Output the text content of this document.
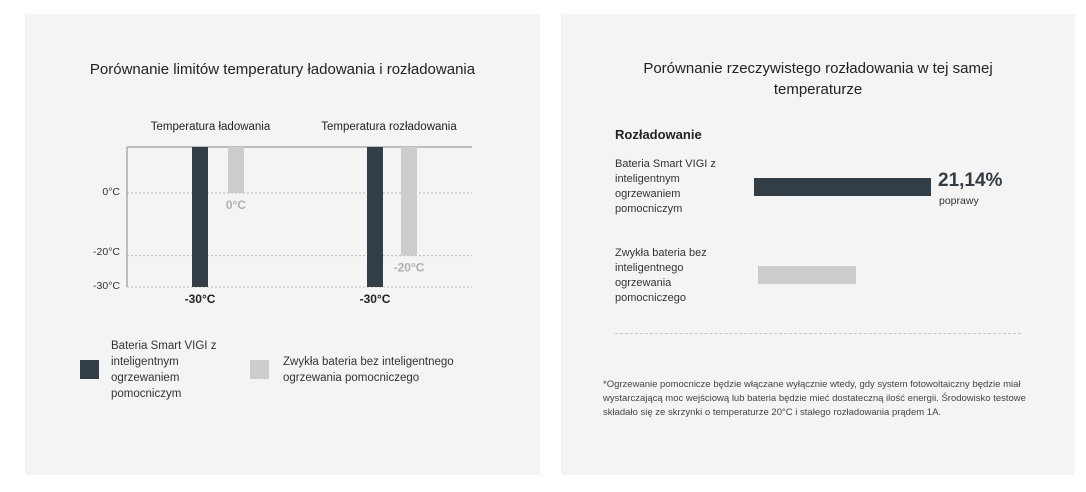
Porównanie limitów temperatury ładowania i rozładowania
Temperatura ładowania	Temperatura rozładowania
0°C
-20°C
-30°C
-30°C	-30°C
0°C
-20°C
Bateria Smart VIGI z inteligentnym ogrzewaniem pomocniczym
Zwykła bateria bez inteligentnego ogrzewania pomocniczego
Porównanie rzeczywistego rozładowania w tej samej temperaturze
Rozładowanie
Bateria Smart VIGI z inteligentnym ogrzewaniem pomocniczym
21,14%
poprawy
Zwykła bateria bez inteligentnego ogrzewania pomocniczego
*Ogrzewanie pomocnicze będzie włączane wyłącznie wtedy, gdy system fotowoltaiczny będzie miał wystarczającą moc wejściową lub bateria będzie mieć dostateczną ilość energii. Środowisko testowe składało się ze skrzynki o temperaturze 20°C i stałego rozładowania prądem 1A.
